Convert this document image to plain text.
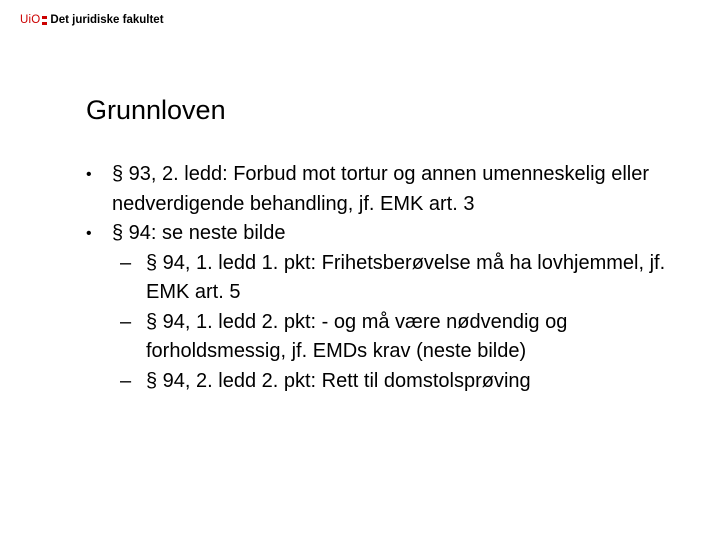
UiO Det juridiske fakultet
Grunnloven
•	§ 93, 2. ledd: Forbud mot tortur og annen umenneskelig eller nedverdigende behandling, jf. EMK art. 3
•	§ 94: se neste bilde
– § 94, 1. ledd 1. pkt: Frihetsberøvelse må ha lovhjemmel, jf. EMK art. 5
– § 94, 1. ledd 2. pkt: - og må være nødvendig og forholdsmessig, jf. EMDs krav (neste bilde)
– § 94, 2. ledd 2. pkt: Rett til domstolsprøving
